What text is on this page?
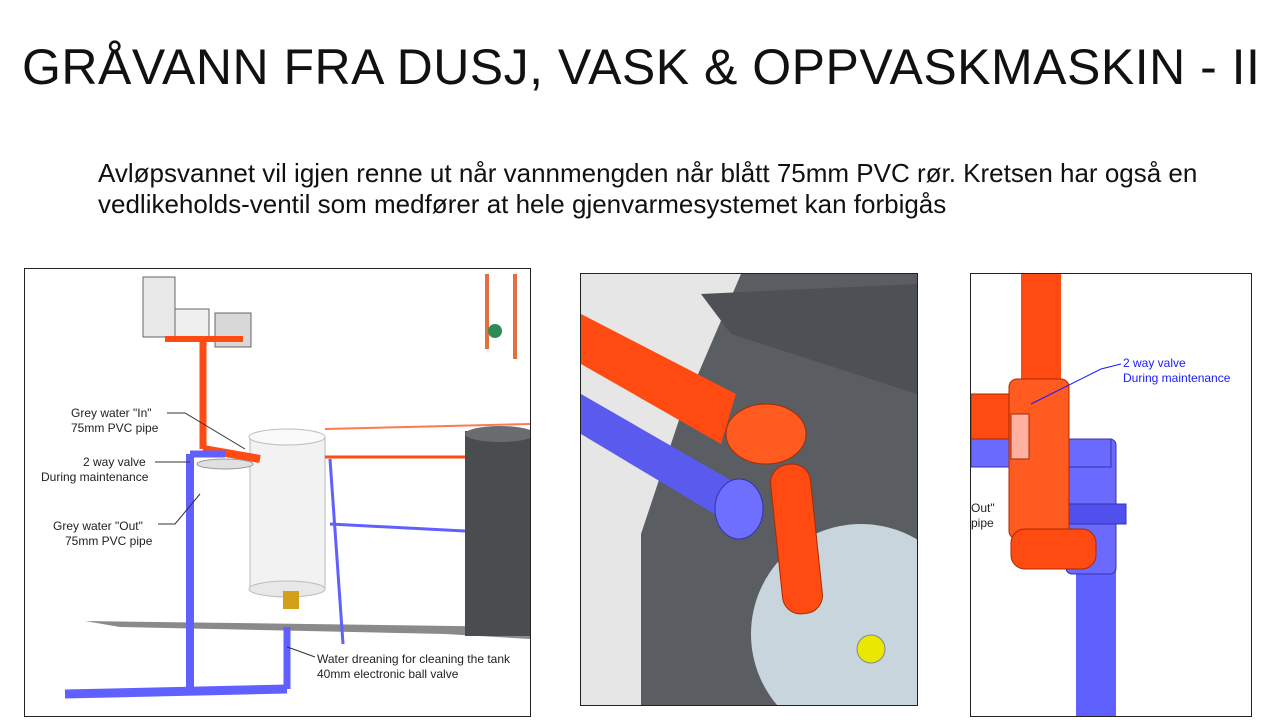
GRÅVANN FRA DUSJ, VASK & OPPVASKMASKIN - II
Avløpsvannet vil igjen renne ut når vannmengden når blått 75mm PVC rør. Kretsen har også en vedlikeholds-ventil som medfører at hele gjenvarmesystemet kan forbigås
Grey water "In"
75mm PVC pipe
2 way valve
During maintenance
Grey water "Out"
75mm PVC pipe
Water dreaning for cleaning the tank
40mm electronic ball valve
2 way valve
During maintenance
Out"
pipe
